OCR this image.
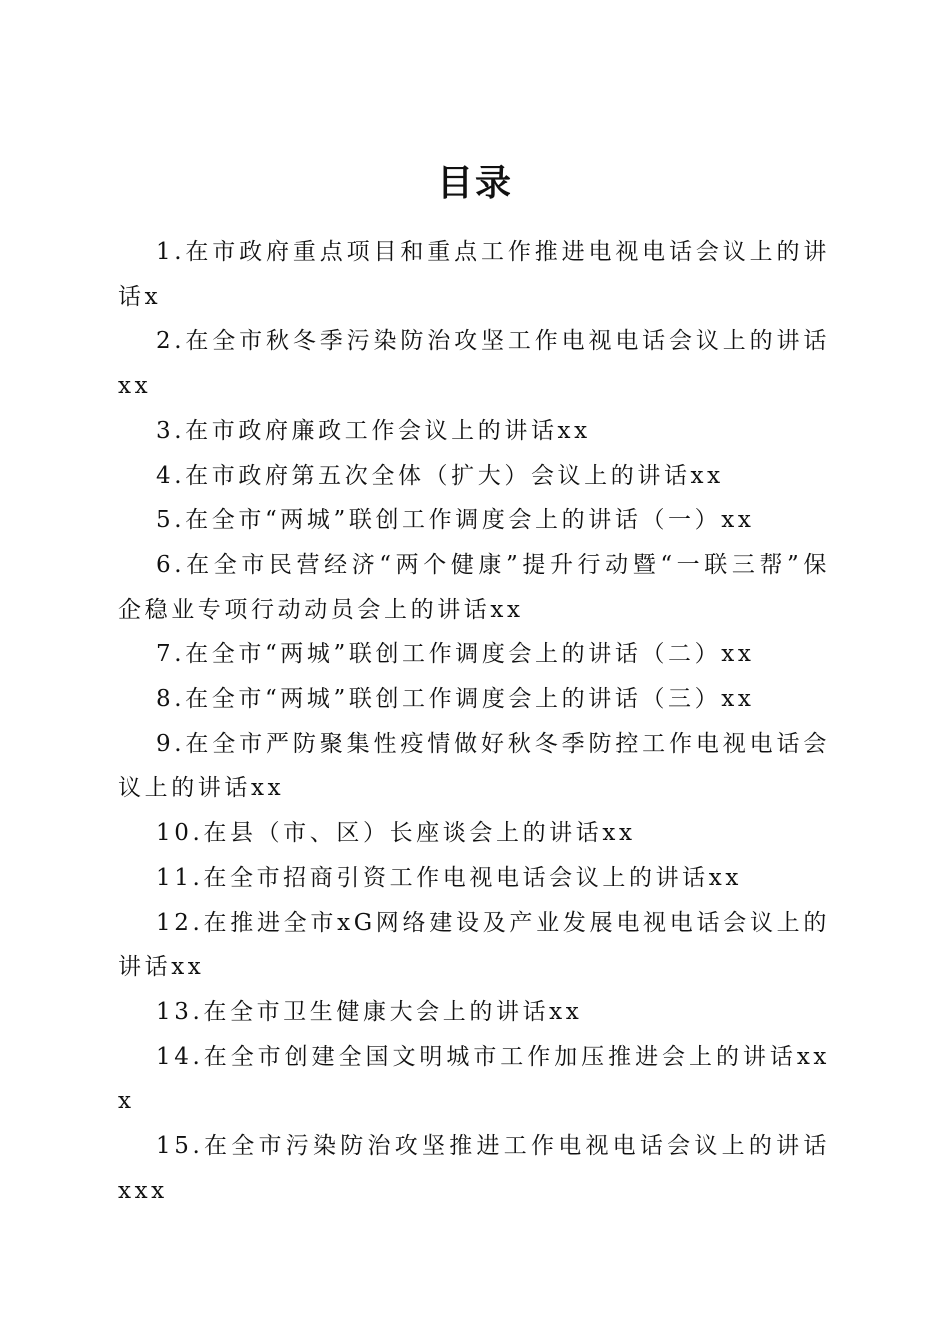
目录
1.在市政府重点项目和重点工作推进电视电话会议上的讲话x
2.在全市秋冬季污染防治攻坚工作电视电话会议上的讲话xx
3.在市政府廉政工作会议上的讲话xx
4.在市政府第五次全体（扩大）会议上的讲话xx
5.在全市“两城”联创工作调度会上的讲话（一）xx
6.在全市民营经济“两个健康”提升行动暨“一联三帮”保企稳业专项行动动员会上的讲话xx
7.在全市“两城”联创工作调度会上的讲话（二）xx
8.在全市“两城”联创工作调度会上的讲话（三）xx
9.在全市严防聚集性疫情做好秋冬季防控工作电视电话会议上的讲话xx
10.在县（市、区）长座谈会上的讲话xx
11.在全市招商引资工作电视电话会议上的讲话xx
12.在推进全市xG网络建设及产业发展电视电话会议上的讲话xx
13.在全市卫生健康大会上的讲话xx
14.在全市创建全国文明城市工作加压推进会上的讲话xxx
15.在全市污染防治攻坚推进工作电视电话会议上的讲话xxx
